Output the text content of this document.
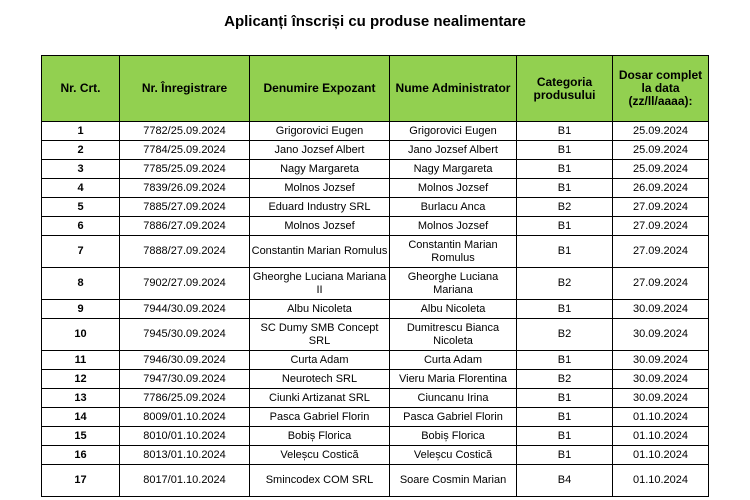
Aplicanți înscriși cu produse nealimentare
Nr. Crt.	Nr. Înregistrare	Denumire Expozant	Nume Administrator	Categoria produsului	Dosar complet la data (zz/ll/aaaa):
1	7782/25.09.2024	Grigorovici Eugen	Grigorovici Eugen	B1	25.09.2024
2	7784/25.09.2024	Jano Jozsef Albert	Jano Jozsef Albert	B1	25.09.2024
3	7785/25.09.2024	Nagy Margareta	Nagy Margareta	B1	25.09.2024
4	7839/26.09.2024	Molnos Jozsef	Molnos Jozsef	B1	26.09.2024
5	7885/27.09.2024	Eduard Industry SRL	Burlacu Anca	B2	27.09.2024
6	7886/27.09.2024	Molnos Jozsef	Molnos Jozsef	B1	27.09.2024
7	7888/27.09.2024	Constantin Marian Romulus	Constantin Marian Romulus	B1	27.09.2024
8	7902/27.09.2024	Gheorghe Luciana Mariana II	Gheorghe Luciana Mariana	B2	27.09.2024
9	7944/30.09.2024	Albu Nicoleta	Albu Nicoleta	B1	30.09.2024
10	7945/30.09.2024	SC Dumy SMB Concept SRL	Dumitrescu Bianca Nicoleta	B2	30.09.2024
11	7946/30.09.2024	Curta Adam	Curta Adam	B1	30.09.2024
12	7947/30.09.2024	Neurotech SRL	Vieru Maria Florentina	B2	30.09.2024
13	7786/25.09.2024	Ciunki Artizanat SRL	Ciuncanu Irina	B1	30.09.2024
14	8009/01.10.2024	Pasca Gabriel Florin	Pasca Gabriel Florin	B1	01.10.2024
15	8010/01.10.2024	Bobiș Florica	Bobiș Florica	B1	01.10.2024
16	8013/01.10.2024	Veleșcu Costică	Veleșcu Costică	B1	01.10.2024
17	8017/01.10.2024	Smincodex COM SRL	Soare Cosmin Marian	B4	01.10.2024
